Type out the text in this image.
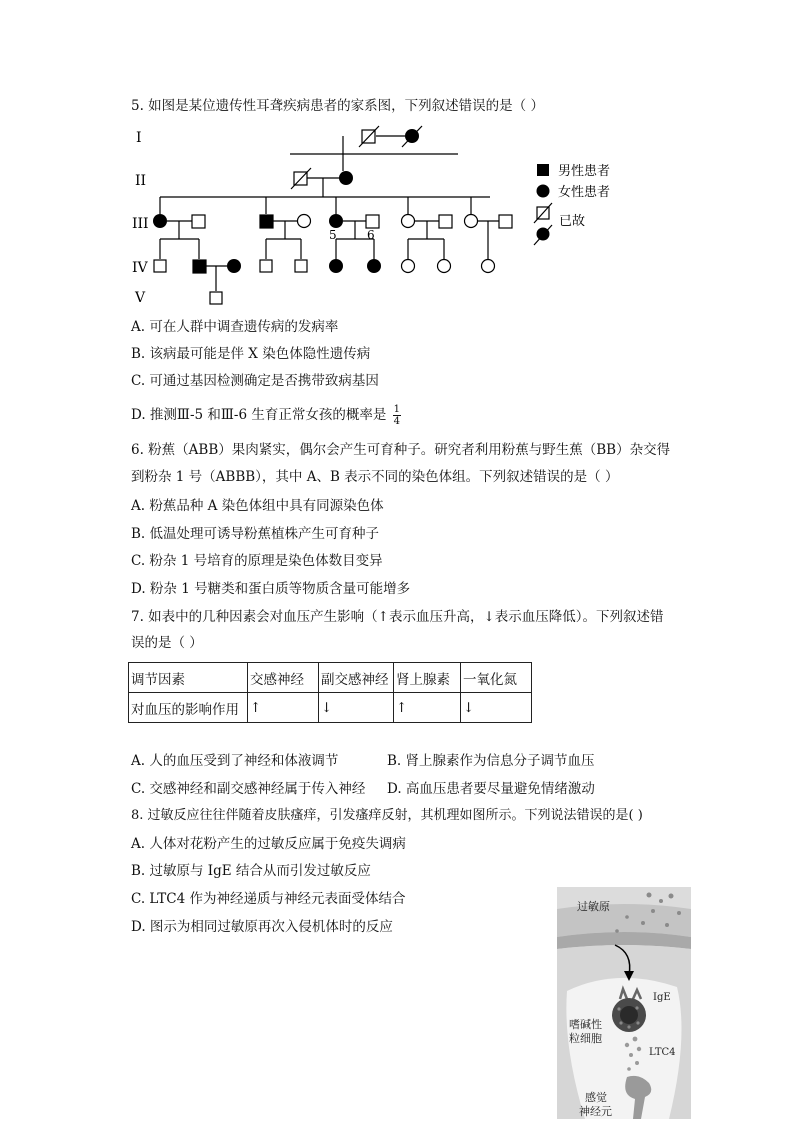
5. 如图是某位遗传性耳聋疾病患者的家系图，下列叙述错误的是（ ）
5	6
I
II
III
IV
V
男性患者
女性患者
已故
A. 可在人群中调查遗传病的发病率
B. 该病最可能是伴 X 染色体隐性遗传病
C. 可通过基因检测确定是否携带致病基因
D. 推测Ⅲ-5 和Ⅲ-6 生育正常女孩的概率是 $\frac{1}{4}$
6. 粉蕉（ABB）果肉紧实，偶尔会产生可育种子。研究者利用粉蕉与野生蕉（BB）杂交得
到粉杂 1 号（ABBB），其中 A、B 表示不同的染色体组。下列叙述错误的是（ ）
A. 粉蕉品种 A 染色体组中具有同源染色体
B. 低温处理可诱导粉蕉植株产生可育种子
C. 粉杂 1 号培育的原理是染色体数目变异
D. 粉杂 1 号糖类和蛋白质等物质含量可能增多
7. 如表中的几种因素会对血压产生影响（↑表示血压升高，↓表示血压降低）。下列叙述错
误的是（ ）
调节因素	交感神经	副交感神经	肾上腺素	一氧化氮
对血压的影响作用	↑	↓	↑	↓
A. 人的血压受到了神经和体液调节	B. 肾上腺素作为信息分子调节血压
C. 交感神经和副交感神经属于传入神经 D. 高血压患者要尽量避免情绪激动
8. 过敏反应往往伴随着皮肤瘙痒，引发瘙痒反射，其机理如图所示。下列说法错误的是( )
A. 人体对花粉产生的过敏反应属于免疫失调病
B. 过敏原与 IgE 结合从而引发过敏反应
C. LTC4 作为神经递质与神经元表面受体结合
D. 图示为相同过敏原再次入侵机体时的反应
过敏原
IgE
嗜碱性
粒细胞
LTC4
感觉
神经元
